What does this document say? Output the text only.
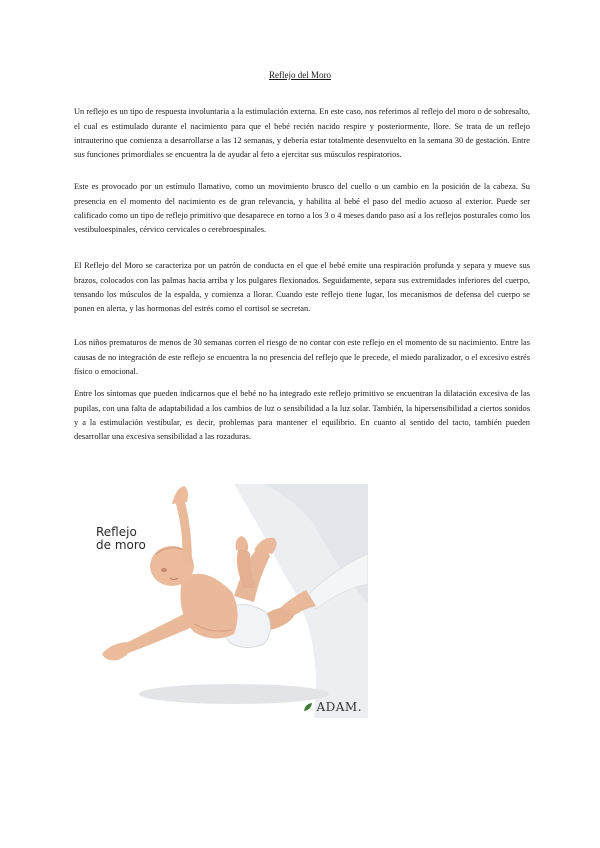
Reflejo del Moro

Un reflejo es un tipo de respuesta involuntaria a la estimulación externa. En este caso, nos referimos al reflejo del moro o de sobresalto, el cual es estimulado durante el nacimiento para que el bebé recién nacido respire y posteriormente, llore. Se trata de un reflejo intrauterino que comienza a desarrollarse a las 12 semanas, y debería estar totalmente desenvuelto en la semana 30 de gestación. Entre sus funciones primordiales se encuentra la de ayudar al feto a ejercitar sus músculos respiratorios.

Este es provocado por un estímulo llamativo, como un movimiento brusco del cuello o un cambio en la posición de la cabeza. Su presencia en el momento del nacimiento es de gran relevancia, y habilita al bebé el paso del medio acuoso al exterior. Puede ser calificado como un tipo de reflejo primitivo que desaparece en torno a los 3 o 4 meses dando paso así a los reflejos posturales como los vestibuloespinales, cérvico cervicales o cerebroespinales.

El Reflejo del Moro se caracteriza por un patrón de conducta en el que el bebé emite una respiración profunda y separa y mueve sus brazos, colocados con las palmas hacia arriba y los pulgares flexionados. Seguidamente, separa sus extremidades inferiores del cuerpo, tensando los músculos de la espalda, y comienza a llorar. Cuando este reflejo tiene lugar, los mecanismos de defensa del cuerpo se ponen en alerta, y las hormonas del estrés como el cortisol se secretan.

Los niños prematuros de menos de 30 semanas corren el riesgo de no contar con este reflejo en el momento de su nacimiento. Entre las causas de no integración de este reflejo se encuentra la no presencia del reflejo que le precede, el miedo paralizador, o el excesivo estrés físico o emocional.

Entre los síntomas que pueden indicarnos que el bebé no ha integrado este reflejo primitivo se encuentran la dilatación excesiva de las pupilas, con una falta de adaptabilidad a los cambios de luz o sensibilidad a la luz solar. También, la hipersensibilidad a ciertos sonidos y a la estimulación vestibular, es decir, problemas para mantener el equilibrio. En cuanto al sentido del tacto, también pueden desarrollar una excesiva sensibilidad a las rozaduras.

Reflejo
de moro
ADAM.
